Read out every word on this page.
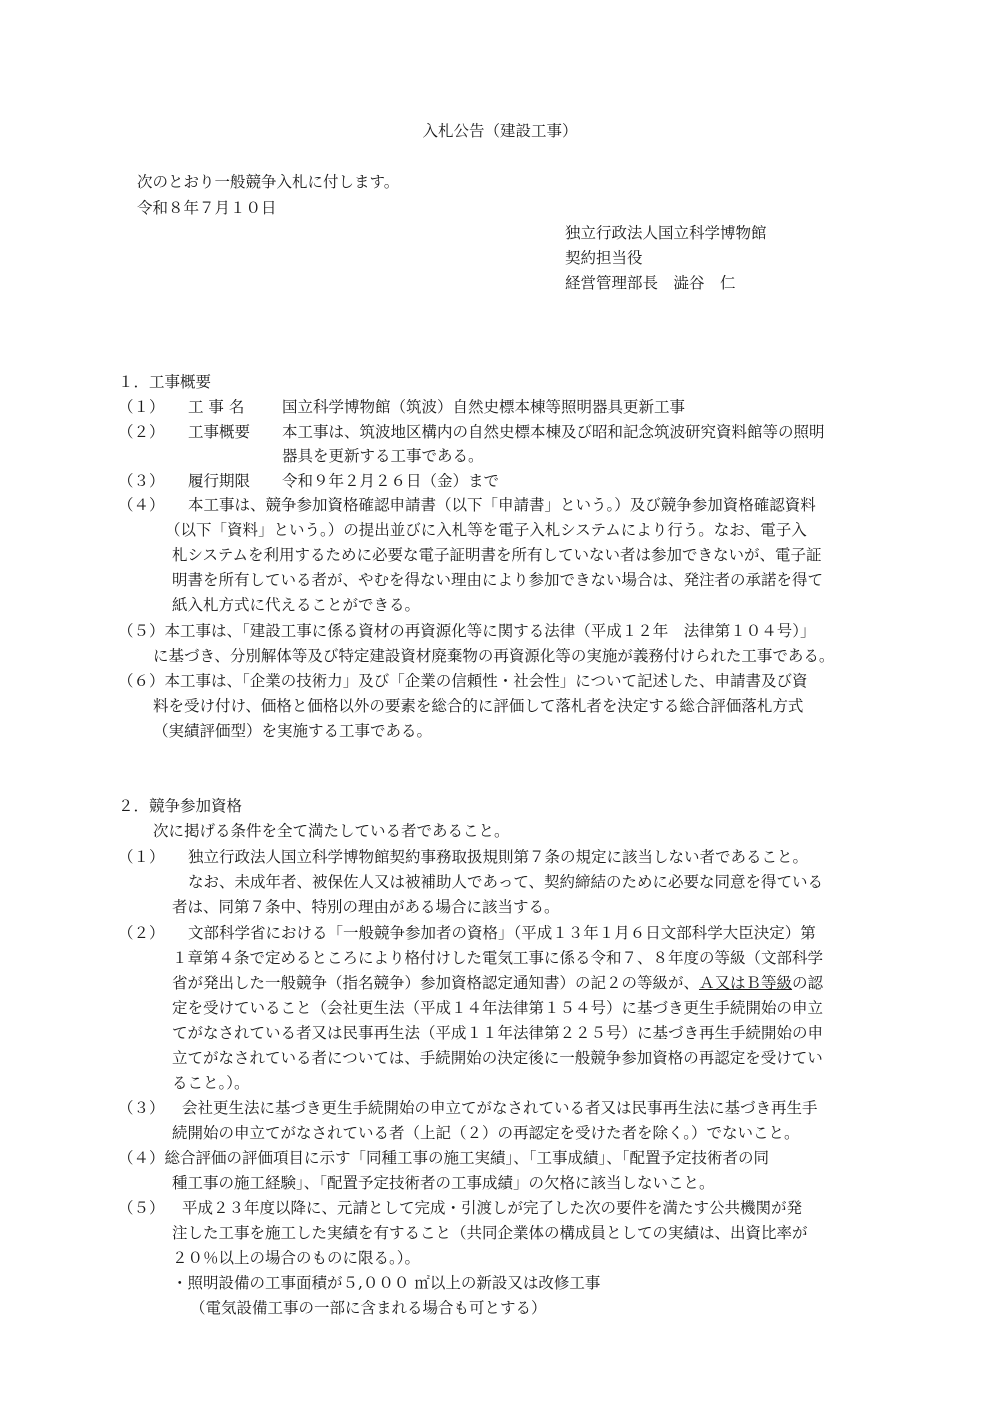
入札公告（建設工事）
次のとおり一般競争入札に付します。
令和８年７月１０日
独立行政法人国立科学博物館
契約担当役
経営管理部長　澁谷　仁
１．工事概要
（１） 工 事 名 国立科学博物館（筑波）自然史標本棟等照明器具更新工事
（２） 工事概要 本工事は、筑波地区構内の自然史標本棟及び昭和記念筑波研究資料館等の照明
器具を更新する工事である。
（３） 履行期限 令和９年２月２６日（金）まで
（４） 本工事は、競争参加資格確認申請書（以下「申請書」という。）及び競争参加資格確認資料
（以下「資料」という。）の提出並びに入札等を電子入札システムにより行う。なお、電子入
札システムを利用するために必要な電子証明書を所有していない者は参加できないが、電子証
明書を所有している者が、やむを得ない理由により参加できない場合は、発注者の承諾を得て
紙入札方式に代えることができる。
（５）本工事は、「建設工事に係る資材の再資源化等に関する法律（平成１２年　法律第１０４号）」
に基づき、分別解体等及び特定建設資材廃棄物の再資源化等の実施が義務付けられた工事である。
（６）本工事は、「企業の技術力」及び「企業の信頼性・社会性」について記述した、申請書及び資
料を受け付け、価格と価格以外の要素を総合的に評価して落札者を決定する総合評価落札方式
（実績評価型）を実施する工事である。
２．競争参加資格
次に掲げる条件を全て満たしている者であること。
（１） 独立行政法人国立科学博物館契約事務取扱規則第７条の規定に該当しない者であること。
なお、未成年者、被保佐人又は被補助人であって、契約締結のために必要な同意を得ている
者は、同第７条中、特別の理由がある場合に該当する。
（２） 文部科学省における「一般競争参加者の資格」（平成１３年１月６日文部科学大臣決定）第
１章第４条で定めるところにより格付けした電気工事に係る令和７、８年度の等級（文部科学
省が発出した一般競争（指名競争）参加資格認定通知書）の記２の等級が、Ａ又はＢ等級の認
定を受けていること（会社更生法（平成１４年法律第１５４号）に基づき更生手続開始の申立
てがなされている者又は民事再生法（平成１１年法律第２２５号）に基づき再生手続開始の申
立てがなされている者については、手続開始の決定後に一般競争参加資格の再認定を受けてい
ること。）。
（３） 会社更生法に基づき更生手続開始の申立てがなされている者又は民事再生法に基づき再生手
続開始の申立てがなされている者（上記（２）の再認定を受けた者を除く。）でないこと。
（４）総合評価の評価項目に示す「同種工事の施工実績」、「工事成績」、「配置予定技術者の同
種工事の施工経験」、「配置予定技術者の工事成績」の欠格に該当しないこと。
（５） 平成２３年度以降に、元請として完成・引渡しが完了した次の要件を満たす公共機関が発
注した工事を施工した実績を有すること（共同企業体の構成員としての実績は、出資比率が
２０％以上の場合のものに限る。）。
・照明設備の工事面積が５,０００ ㎡以上の新設又は改修工事
（電気設備工事の一部に含まれる場合も可とする）
